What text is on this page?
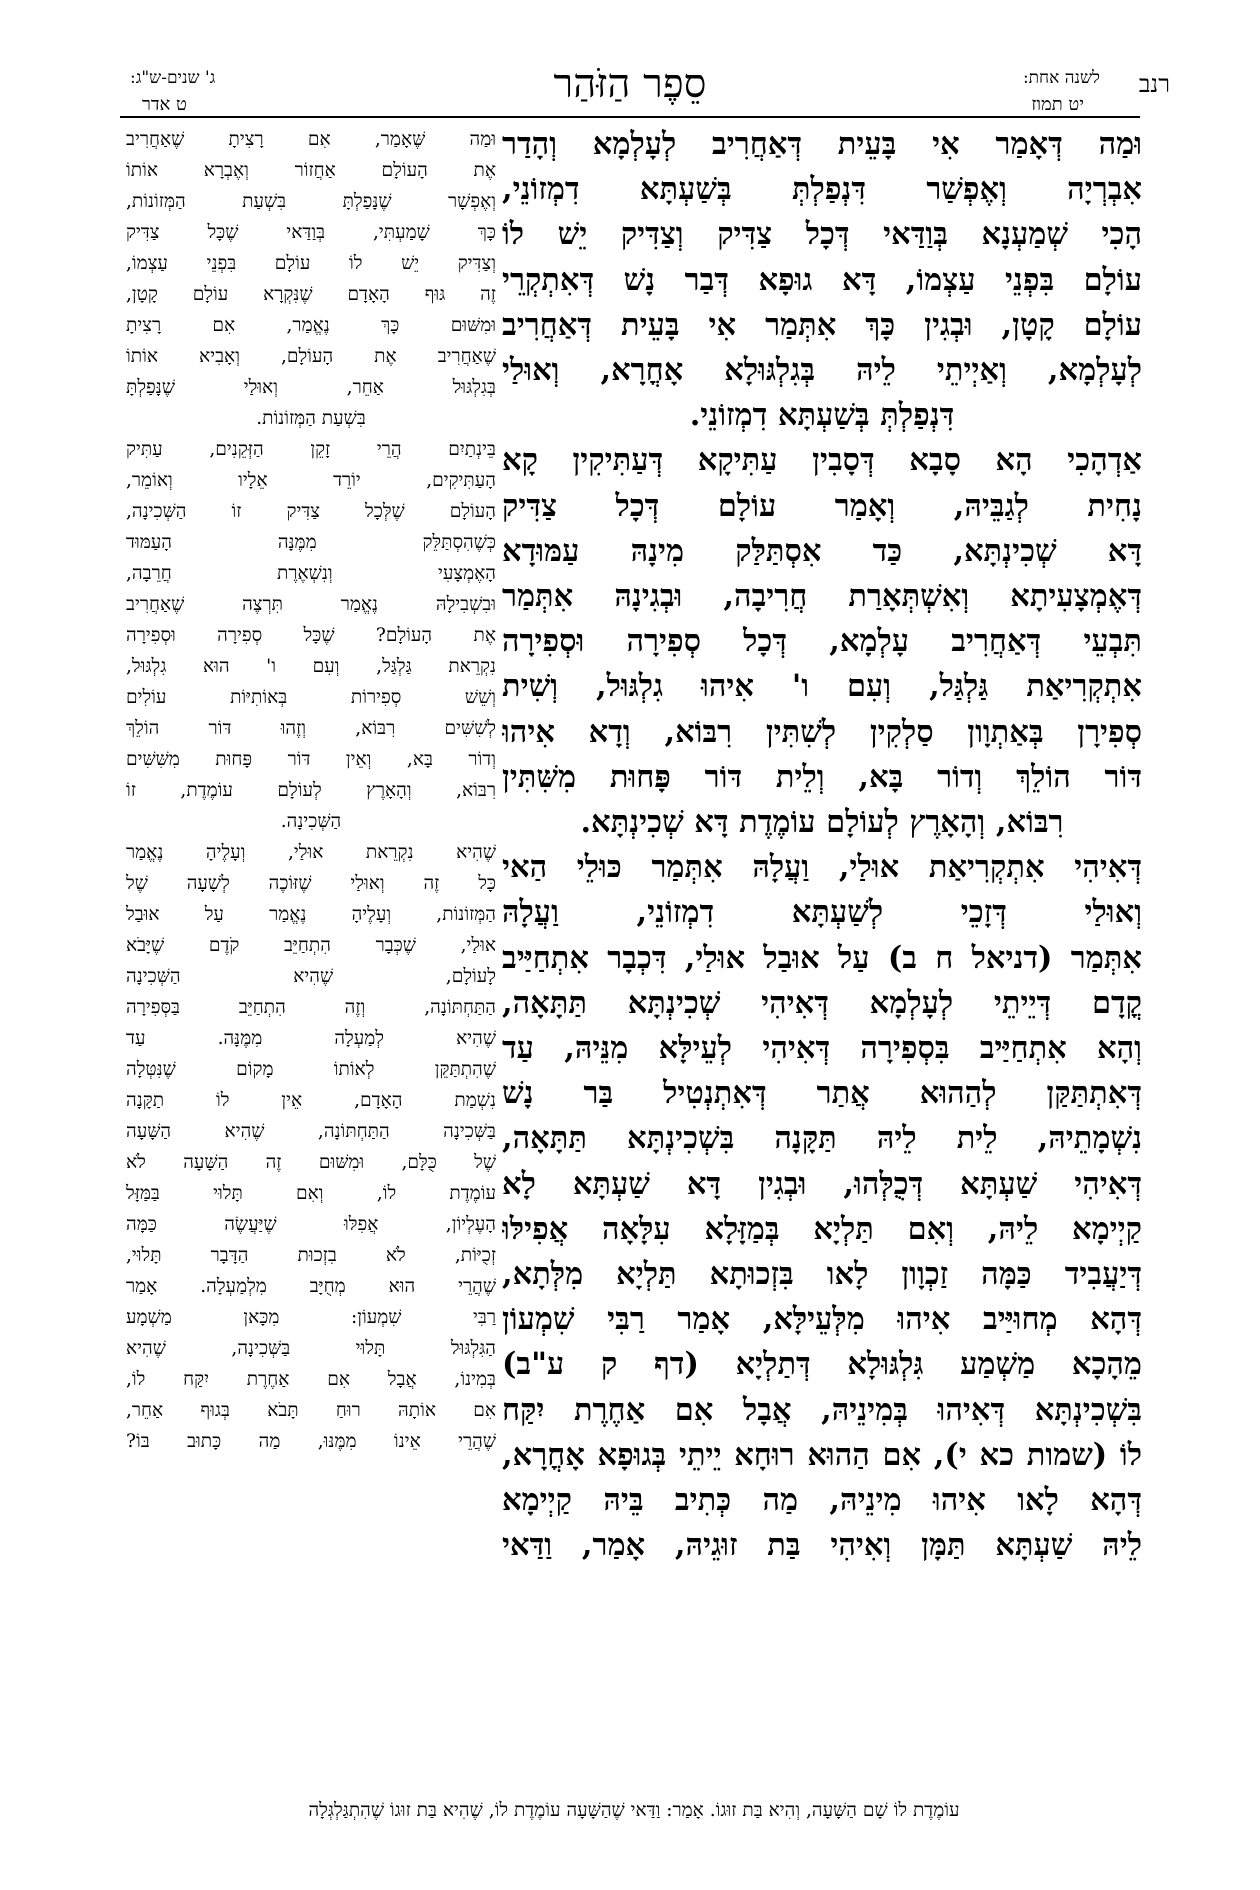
רנב
לשנה אחת:
יט תמוז
סֵפֶר הַזֹּהַר
ג' שנים-ש"ג:
ט אדר
וּמַה דְּאָמַר אִי בָּעֵית דְּאַחֲרִיב לְעָלְמָא וְהָדַר
אִבְרְיָה וְאֶפְשַׁר דִּנְפַלְתְּ בְּשַׁעְתָּא דִמְזוֹנֵי,
הָכִי שְׁמַעְנָא בְּוַדַּאי דְּכָל צַדִּיק וְצַדִּיק יֵשׁ לוֹ
עוֹלָם בִּפְנֵי עַצְמוֹ, דָּא גוּפָא דְּבַר נָשׁ דְּאִתְקְרֵי
עוֹלָם קָטָן, וּבְגִין כָּךְ אִתְּמַר אִי בָּעֵית דְּאַחֲרִיב
לְעָלְמָא, וְאַיְיתֵי לֵיהּ בְּגִלְגּוּלָא אָחֳרָא, וְאוּלַי
דִּנְפַלְתְּ בְּשַׁעְתָּא דִמְזוֹנֵי.
אַדְהָכִי הָא סָבָא דְּסָבִין עַתִּיקָא דְּעַתִּיקִין קָא
נָחִית לְגַבֵּיהּ, וְאָמַר עוֹלָם דְּכָל צַדִּיק
דָּא שְׁכִינְתָּא, כַּד אִסְתַּלַּק מִינָהּ עַמּוּדָא
דְּאֶמְצָעִיתָא וְאִשְׁתְּאָרַת חֲרִיבָה, וּבְגִינָהּ אִתְּמַר
תִּבְעֵי דְּאַחֲרִיב עָלְמָא, דְּכָל סְפִירָה וּסְפִירָה
אִתְקְרִיאַת גַּלְגַּל, וְעִם ו' אִיהוּ גִלְגּוּל, וְשִׁית
סְפִירָן בְּאַתְוָון סַלְקִין לְשִׁתִּין רִבּוֹא, וְדָא אִיהוּ
דּוֹר הוֹלֵךְ וְדוֹר בָּא, וְלֵית דּוֹר פָּחוּת מִשִּׁתִּין
רִבּוֹא, וְהָאָרֶץ לְעוֹלָם עוֹמֶדֶת דָּא שְׁכִינְתָּא.
דְּאִיהִי אִתְקְרִיאַת אוּלַי, וַעֲלָהּ אִתְּמַר כּוּלֵי הַאי
וְאוּלַי דְּזָכֵי לְשַׁעְתָּא דִמְזוֹנֵי, וַעֲלָהּ
אִתְּמַר (דניאל ח ב) עַל אוּבַל אוּלַי, דִּכְבָר אִתְחַיַּיב
קֳדָם דְּיֵיתֵי לְעָלְמָא דְּאִיהִי שְׁכִינְתָּא תַּתָּאָה,
וְהָא אִתְחַיַּיב בִּסְפִירָה דְּאִיהִי לְעֵילָּא מִנֵּיהּ, עַד
דְּאִתְתַּקַּן לְהַהוּא אֲתַר דְּאִתְנְטִיל בַּר נָשׁ
נִשְׁמָתֵיהּ, לֵית לֵיהּ תַּקָּנָה בִּשְׁכִינְתָּא תַּתָּאָה,
דְּאִיהִי שַׁעְתָּא דְּכֻלְּהוּ, וּבְגִין דָּא שַׁעְתָּא לָא
קַיְימָא לֵיהּ, וְאִם תַּלְיָא בְּמַזָּלָא עִלָּאָה אֲפִילּוּ
דְּיַעֲבִיד כַּמָּה זַכְוָון לָאו בִּזְכוּתָא תַּלְיָא מִלְּתָא,
דְּהָא מְחוּיַּיב אִיהוּ מִלְּעֵילָּא, אָמַר רַבִּי שִׁמְעוֹן
מֵהָכָא מַשְׁמַע גִּלְגּוּלָא דְּתַלְיָא (דף ק ע"ב)
בִּשְׁכִינְתָּא דְּאִיהוּ בְּמִינֵיהּ, אֲבָל אִם אַחֶרֶת יִקַּח
לוֹ (שמות כא י), אִם הַהוּא רוּחָא יֵיתֵי בְּגוּפָא אָחֳרָא,
דְּהָא לָאו אִיהוּ מִינֵיהּ, מַה כְּתִיב בֵּיהּ קַיְימָא
לֵיהּ שַׁעְתָּא תַּמָּן וְאִיהִי בַּת זוּגֵיהּ, אָמַר, וַדַּאי
וּמַה שֶּׁאָמַר, אִם רָצִיתָ שֶׁאַחֲרִיב
אֶת הָעוֹלָם אַחֲזוֹר וְאֶבְרָא אוֹתוֹ
וְאֶפְשָׁר שֶׁנָּפַלְתָּ בִּשְׁעַת הַמְּזוֹנוֹת,
כָּךְ שָׁמַעְתִּי, בְּוַדַּאי שֶׁכָּל צַדִּיק
וְצַדִּיק יֵשׁ לוֹ עוֹלָם בִּפְנֵי עַצְמוֹ,
זֶה גּוּף הָאָדָם שֶׁנִּקְרָא עוֹלָם קָטָן,
וּמִשּׁוּם כָּךְ נֶאֱמַר, אִם רָצִיתָ
שֶׁאַחֲרִיב אֶת הָעוֹלָם, וְאָבִיא אוֹתוֹ
בְּגִלְגּוּל אַחֵר, וְאוּלַי שֶׁנָּפַלְתָּ
בִּשְׁעַת הַמְּזוֹנוֹת.
בֵּינְתַיִם הֲרֵי זָקֵן הַזְּקֵנִים, עַתִּיק
הָעַתִּיקִים, יוֹרֵד אֵלָיו וְאוֹמֵר,
הָעוֹלָם שֶׁלְּכָל צַדִּיק זוֹ הַשְּׁכִינָה,
כְּשֶׁהִסְתַּלֵּק מִמֶּנָּה הָעַמּוּד
הָאֶמְצָעִי וְנִשְׁאֶרֶת חֲרֵבָה,
וּבִשְׁבִילָהּ נֶאֱמַר תִּרְצֶה שֶׁאַחֲרִיב
אֶת הָעוֹלָם? שֶׁכָּל סְפִירָה וּסְפִירָה
נִקְרֵאת גַּלְגַּל, וְעִם ו' הוּא גִלְגּוּל,
וְשֵׁשׁ סְפִירוֹת בְּאוֹתִיּוֹת עוֹלִים
לְשִׁשִּׁים רִבּוֹא, וְזֶהוּ דּוֹר הוֹלֵךְ
וְדוֹר בָּא, וְאֵין דּוֹר פָּחוּת מִשִּׁשִּׁים
רִבּוֹא, וְהָאָרֶץ לְעוֹלָם עוֹמֶדֶת, זוֹ
הַשְּׁכִינָה.
שֶׁהִיא נִקְרֵאת אוּלַי, וְעָלֶיהָ נֶאֱמַר
כָּל זֶה וְאוּלַי שֶׁזּוֹכֶה לְשָׁעָה שֶׁל
הַמְּזוֹנוֹת, וְעָלֶיהָ נֶאֱמַר עַל אוּבַל
אוּלַי, שֶׁכְּבָר הִתְחַיֵּב קֹדֶם שֶׁיָּבֹא
לָעוֹלָם, שֶׁהִיא הַשְּׁכִינָה
הַתַּחְתּוֹנָה, וְזֶה הִתְחַיֵּב בַּסְּפִירָה
שֶׁהִיא לְמַעְלָה מִמֶּנָּה. עַד
שֶׁהִתְתַּקֵּן לְאוֹתוֹ מָקוֹם שֶׁנִּטְּלָה
נִשְׁמַת הָאָדָם, אֵין לוֹ תַקָּנָה
בַּשְּׁכִינָה הַתַּחְתּוֹנָה, שֶׁהִיא הַשָּׁעָה
שֶׁל כֻּלָּם, וּמִשּׁוּם זֶה הַשָּׁעָה לֹא
עוֹמֶדֶת לוֹ, וְאִם תָּלוּי בַּמַּזָּל
הָעֶלְיוֹן, אֲפִלּוּ שֶׁיַּעֲשֶׂה כַּמָּה
זְכֻיּוֹת, לֹא בִזְכוּת הַדָּבָר תָּלוּי,
שֶׁהֲרֵי הוּא מְחֻיָּב מִלְמַעְלָה. אָמַר
רַבִּי שִׁמְעוֹן: מִכָּאן מַשְׁמָע
הַגִּלְגּוּל תָּלוּי בַּשְּׁכִינָה, שֶׁהִיא
בְּמִינוֹ, אֲבָל אִם אַחֶרֶת יִקַּח לוֹ,
אִם אוֹתָהּ רוּחַ תָּבֹא בְּגוּף אַחֵר,
שֶׁהֲרֵי אֵינוֹ מִמֶּנּוּ, מַה כָּתוּב בּוֹ?
עוֹמֶדֶת לוֹ שָׁם הַשָּׁעָה, וְהִיא בַּת זוּגוֹ. אָמַר: וַדַּאי שֶׁהַשָּׁעָה עוֹמֶדֶת לוֹ, שֶׁהִיא בַּת זוּגוֹ שֶׁהִתְגַּלְגְּלָה
